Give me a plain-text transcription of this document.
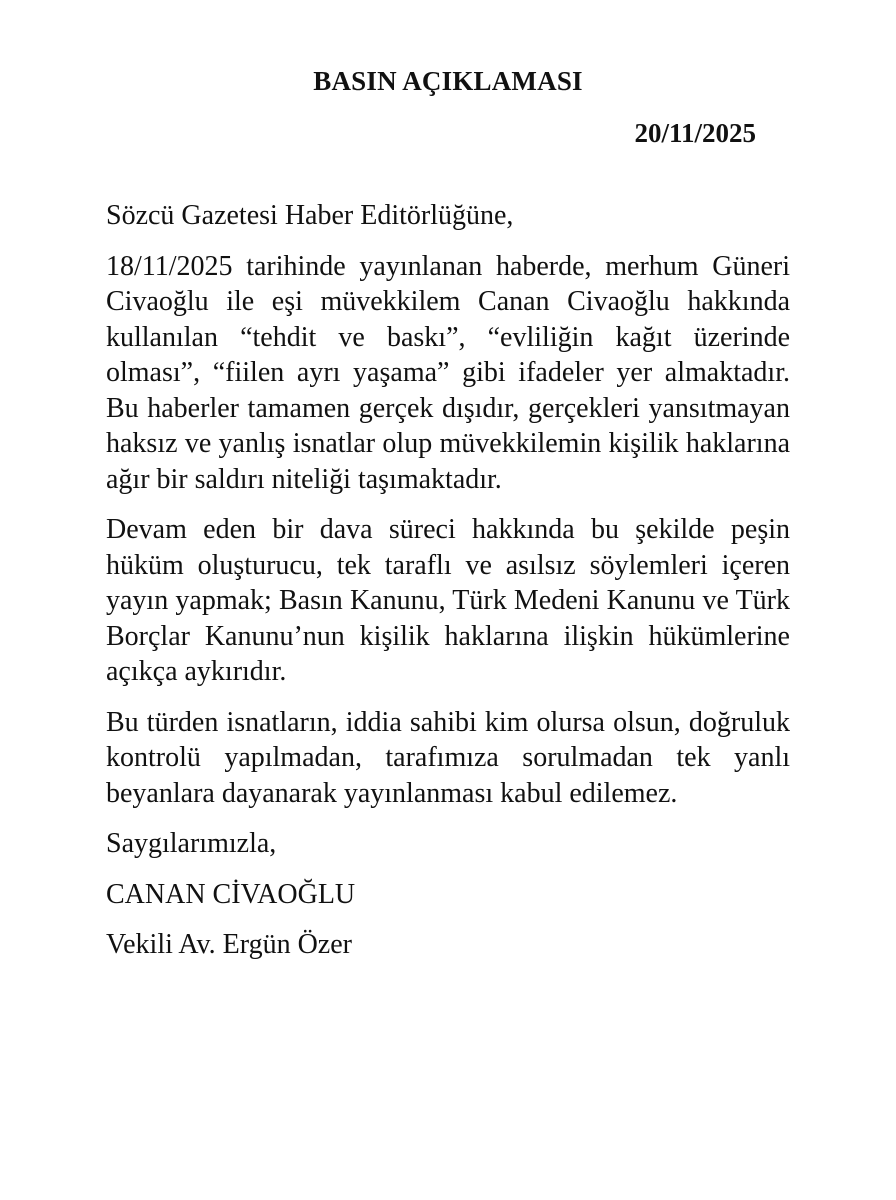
BASIN AÇIKLAMASI
20/11/2025

Sözcü Gazetesi Haber Editörlüğüne,

18/11/2025 tarihinde yayınlanan haberde, merhum Güneri Civaoğlu ile eşi müvekkilem Canan Civaoğlu hakkında kullanılan “tehdit ve baskı”, “evliliğin kağıt üzerinde olması”, “fiilen ayrı yaşama” gibi ifadeler yer almaktadır. Bu haberler tamamen gerçek dışıdır, gerçekleri yansıtmayan haksız ve yanlış isnatlar olup müvekkilemin kişilik haklarına ağır bir saldırı niteliği taşımaktadır.

Devam eden bir dava süreci hakkında bu şekilde peşin hüküm oluşturucu, tek taraflı ve asılsız söylemleri içeren yayın yapmak; Basın Kanunu, Türk Medeni Kanunu ve Türk Borçlar Kanunu’nun kişilik haklarına ilişkin hükümlerine açıkça aykırıdır.

Bu türden isnatların, iddia sahibi kim olursa olsun, doğruluk kontrolü yapılmadan, tarafımıza sorulmadan tek yanlı beyanlara dayanarak yayınlanması kabul edilemez.

Saygılarımızla,

CANAN CİVAOĞLU

Vekili Av. Ergün Özer
